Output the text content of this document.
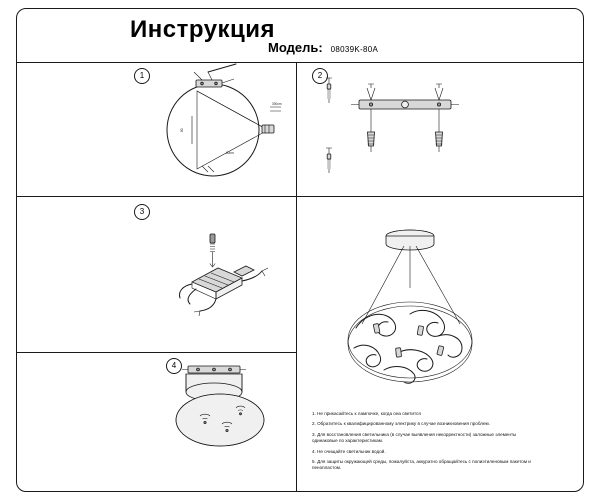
Инструкция
Модель: 08039K-80A
1	2
3
4
300cm
80
80cm
1. Не прикасайтесь к лампочке, когда она светится
2. Обратитесь к квалифицированному электрику в случае возникновения проблем.
3. Для восстановления светильника (в случае выявления некорректности) заложные элементы одинаковые по характеристикам.
4. Не очищайте светильник водой.
5. Для защиты окружающей среды, пожалуйста, аккуратно обращайтесь с полиэтиленовым пакетом и пенопластом.
